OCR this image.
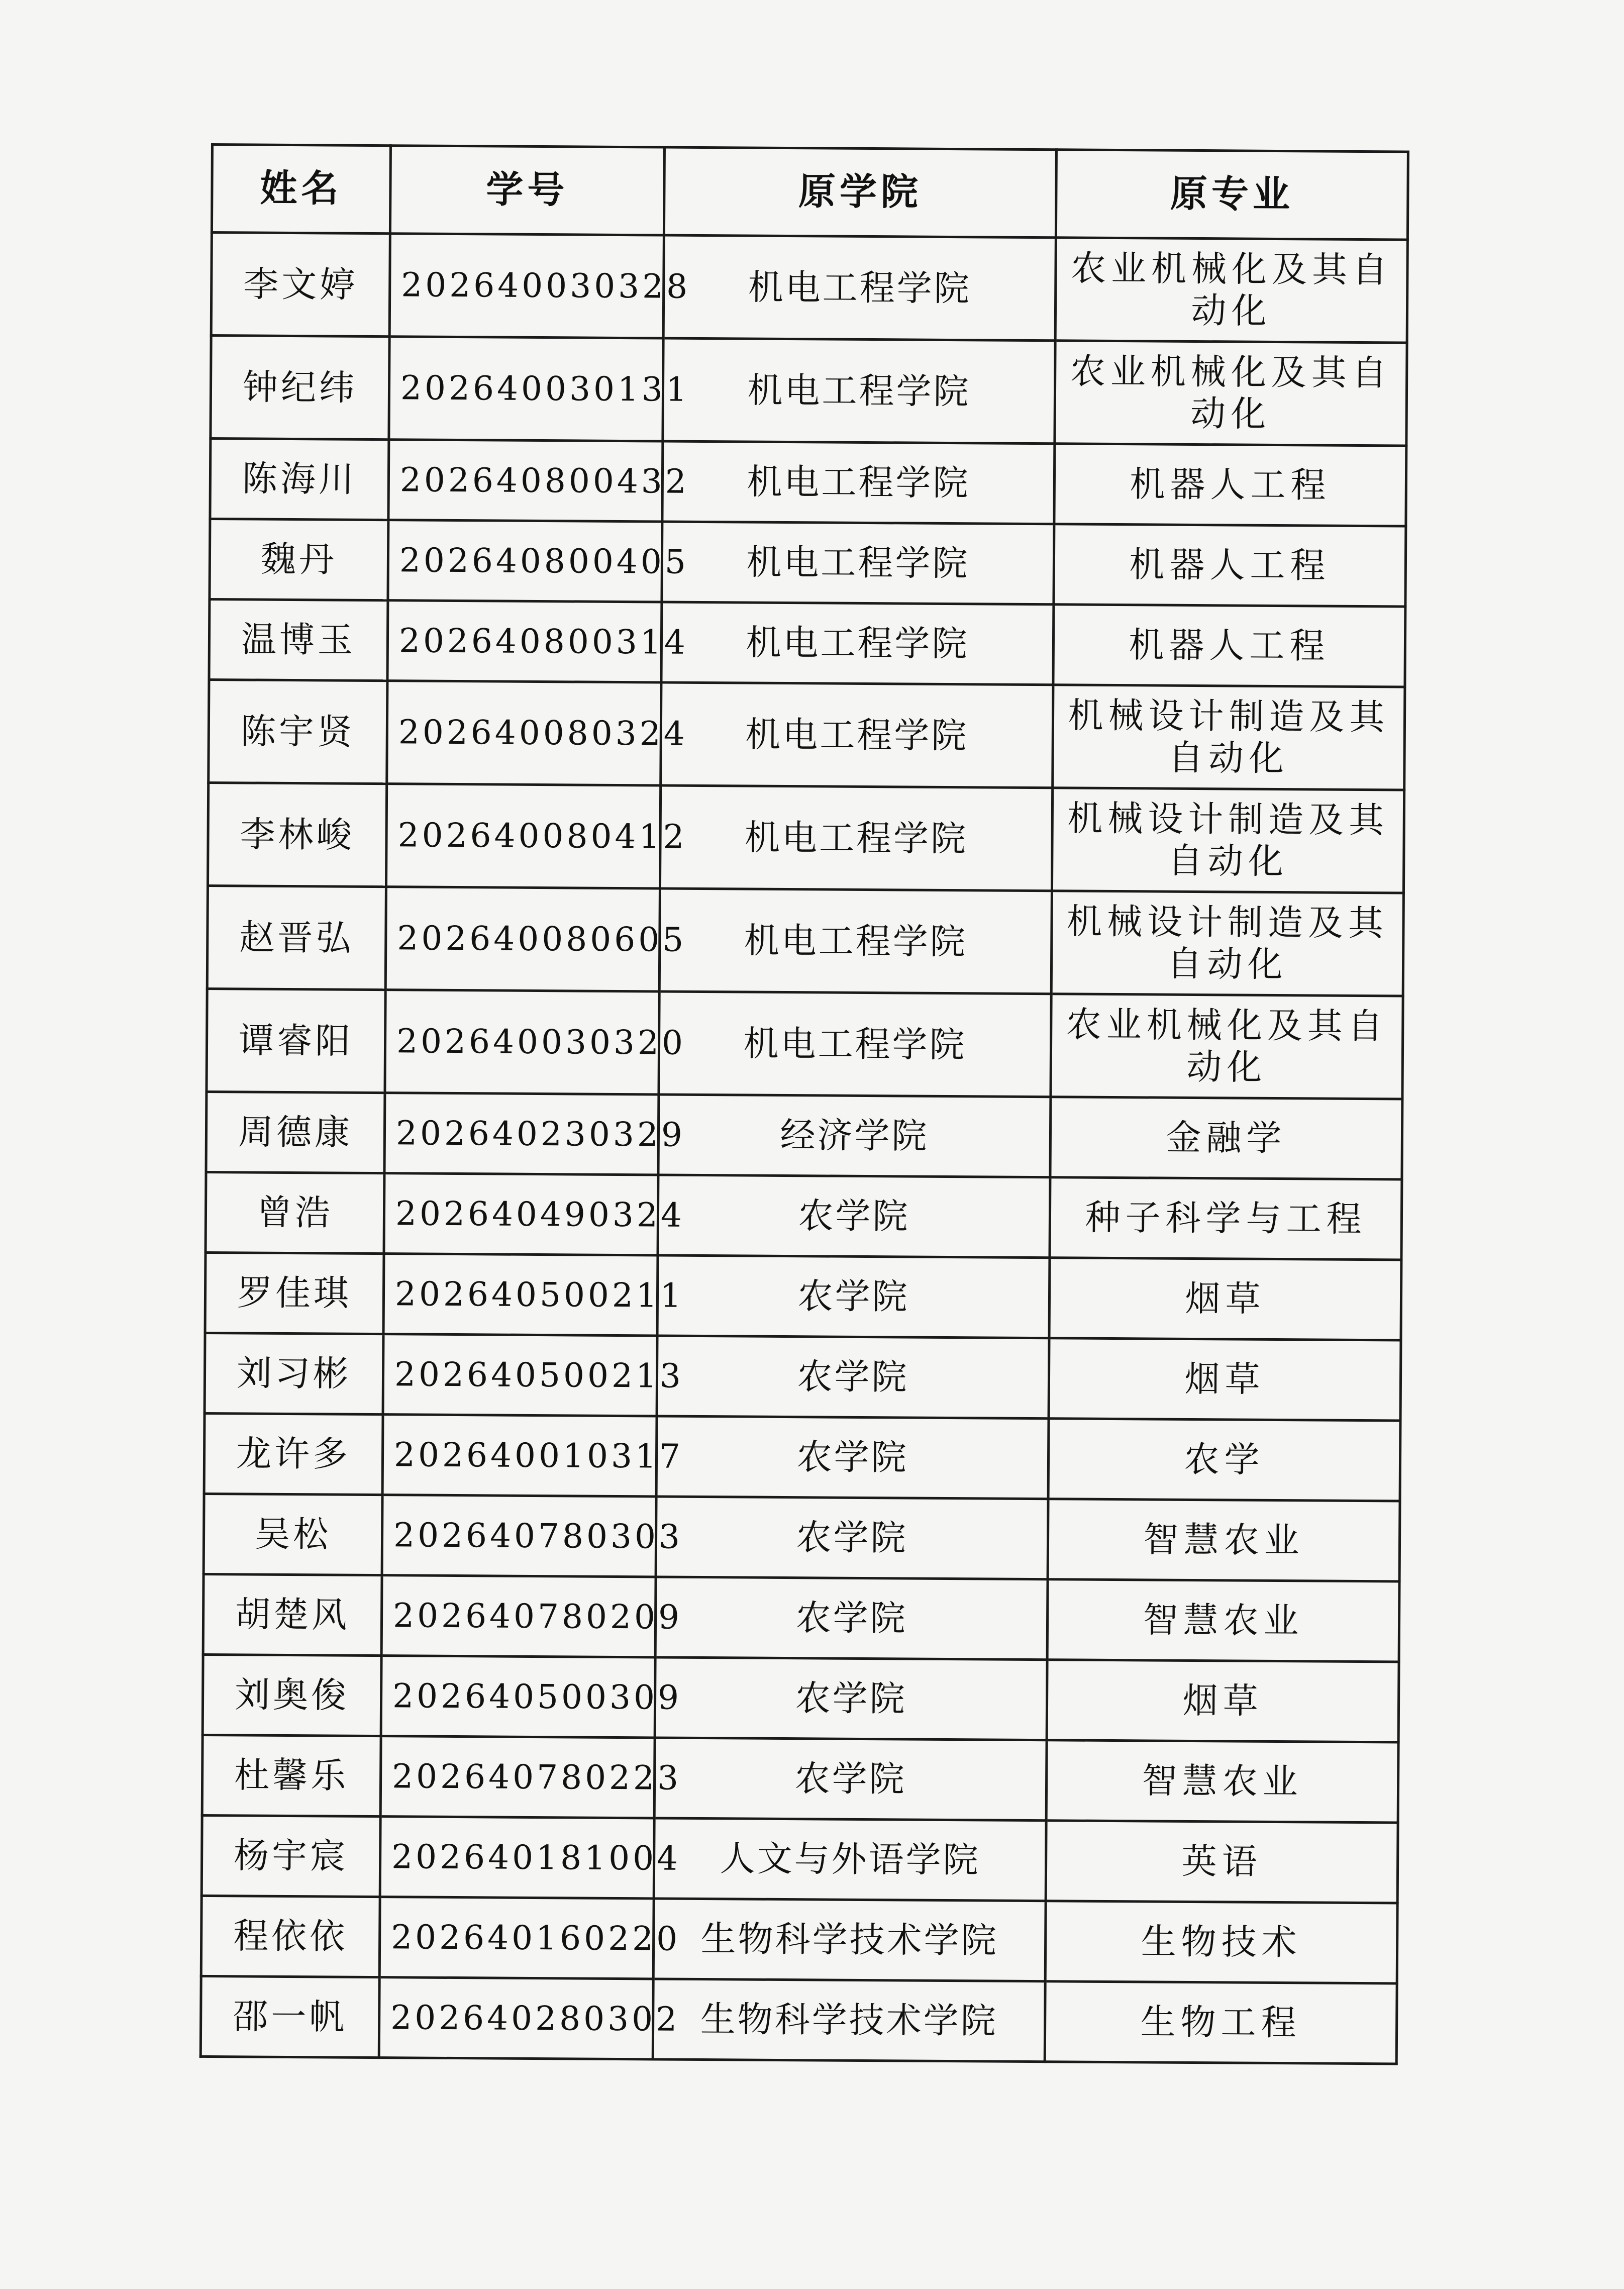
姓名	学号	原学院	原专业
李文婷	202640030328	机电工程学院	农业机械化及其自动化
钟纪纬	202640030131	机电工程学院	农业机械化及其自动化
陈海川	202640800432	机电工程学院	机器人工程
魏丹	202640800405	机电工程学院	机器人工程
温博玉	202640800314	机电工程学院	机器人工程
陈宇贤	202640080324	机电工程学院	机械设计制造及其自动化
李林峻	202640080412	机电工程学院	机械设计制造及其自动化
赵晋弘	202640080605	机电工程学院	机械设计制造及其自动化
谭睿阳	202640030320	机电工程学院	农业机械化及其自动化
周德康	202640230329	经济学院	金融学
曾浩	202640490324	农学院	种子科学与工程
罗佳琪	202640500211	农学院	烟草
刘习彬	202640500213	农学院	烟草
龙许多	202640010317	农学院	农学
吴松	202640780303	农学院	智慧农业
胡楚风	202640780209	农学院	智慧农业
刘奥俊	202640500309	农学院	烟草
杜馨乐	202640780223	农学院	智慧农业
杨宇宸	202640181004	人文与外语学院	英语
程依依	202640160220	生物科学技术学院	生物技术
邵一帆	202640280302	生物科学技术学院	生物工程
